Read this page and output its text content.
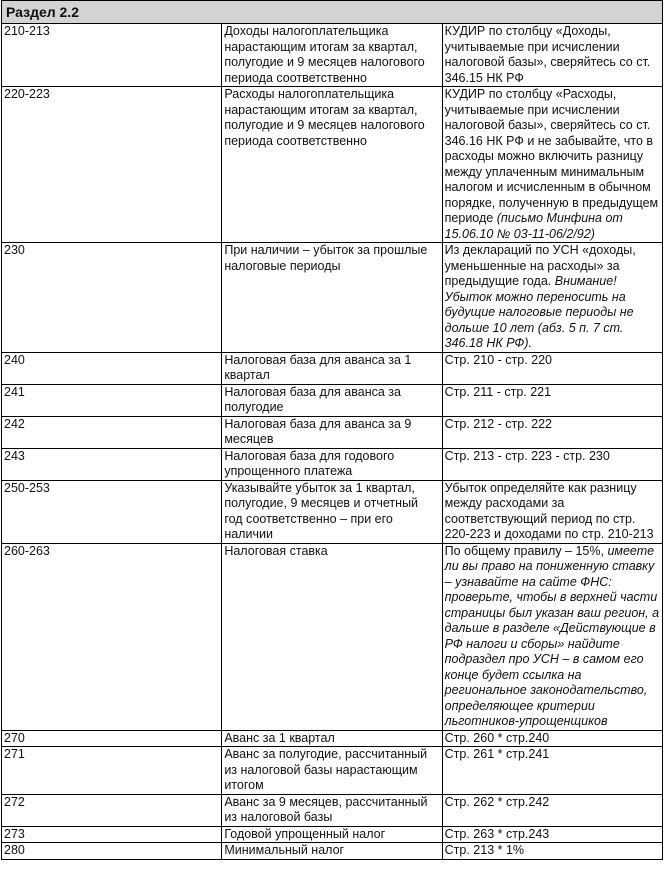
Раздел 2.2		
210-213	Доходы налогоплательщика нарастающим итогам за квартал, полугодие и 9 месяцев налогового периода соответственно	КУДИР по столбцу «Доходы, учитываемые при исчислении налоговой базы», сверяйтесь со ст. 346.15 НК РФ
220-223	Расходы налогоплательщика нарастающим итогам за квартал, полугодие и 9 месяцев налогового периода соответственно	КУДИР по столбцу «Расходы, учитываемые при исчислении налоговой базы», сверяйтесь со ст. 346.16 НК РФ и не забывайте, что в расходы можно включить разницу между уплаченным минимальным налогом и исчисленным в обычном порядке, полученную в предыдущем периоде (письмо Минфина от 15.06.10 № 03-11-06/2/92)
230	При наличии – убыток за прошлые налоговые периоды	Из деклараций по УСН «доходы, уменьшенные на расходы» за предыдущие года. Внимание! Убыток можно переносить на будущие налоговые периоды не дольше 10 лет (абз. 5 п. 7 ст. 346.18 НК РФ).
240	Налоговая база для аванса за 1 квартал	Стр. 210 - стр. 220
241	Налоговая база для аванса за полугодие	Стр. 211 - стр. 221
242	Налоговая база для аванса за 9 месяцев	Стр. 212 - стр. 222
243	Налоговая база для годового упрощенного платежа	Стр. 213 - стр. 223 - стр. 230
250-253	Указывайте убыток за 1 квартал, полугодие, 9 месяцев и отчетный год соответственно – при его наличии	Убыток определяйте как разницу между расходами за соответствующий период по стр. 220-223 и доходами по стр. 210-213
260-263	Налоговая ставка	По общему правилу – 15%, имеете ли вы право на пониженную ставку – узнавайте на сайте ФНС: проверьте, чтобы в верхней части страницы был указан ваш регион, а дальше в разделе «Действующие в РФ налоги и сборы» найдите подраздел про УСН – в самом его конце будет ссылка на региональное законодательство, определяющее критерии льготников-упрощенщиков
270	Аванс за 1 квартал	Стр. 260 * стр.240
271	Аванс за полугодие, рассчитанный из налоговой базы нарастающим итогом	Стр. 261 * стр.241
272	Аванс за 9 месяцев, рассчитанный из налоговой базы	Стр. 262 * стр.242
273	Годовой упрощенный налог	Стр. 263 * стр.243
280	Минимальный налог	Стр. 213 * 1%
